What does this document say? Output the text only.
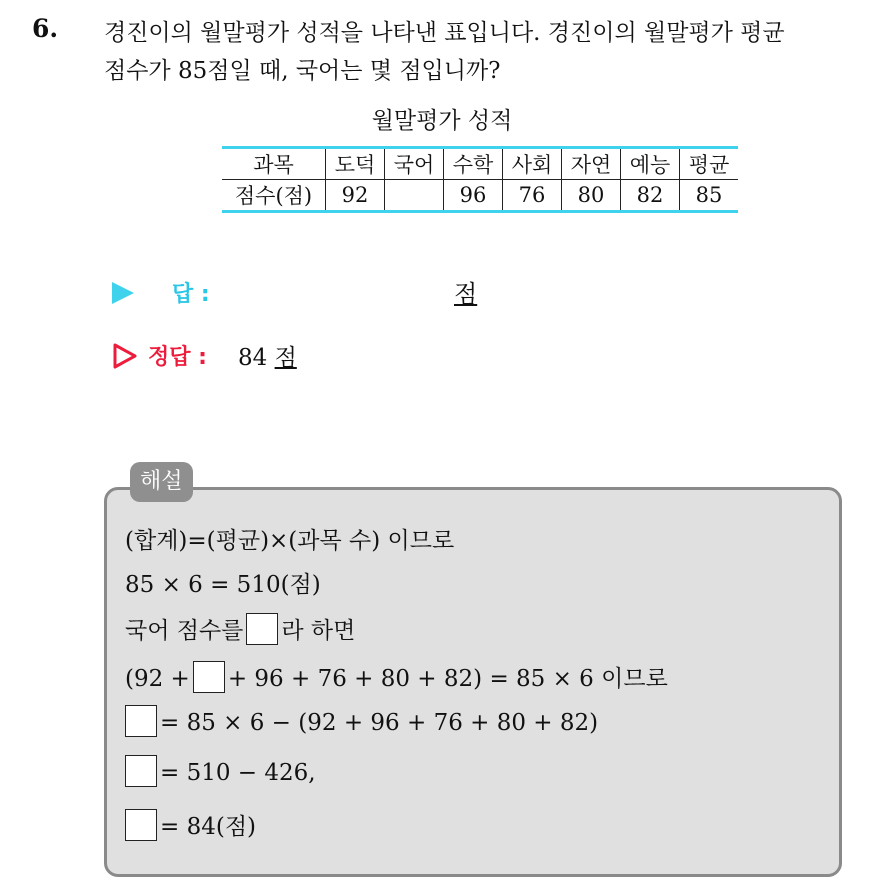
6. 경진이의 월말평가 성적을 나타낸 표입니다. 경진이의 월말평가 평균
점수가 85점일 때, 국어는 몇 점입니까?
월말평가 성적
과목	도덕	국어	수학	사회	자연	예능	평균
점수(점)	92		96	76	80	82	85
답 :	점
정답 : 84 점
해설
(합계)=(평균)×(과목 수) 이므로
85 × 6 = 510(점)
국어 점수를 라 하면
(92 + + 96 + 76 + 80 + 82) = 85 × 6 이므로
= 85 × 6 − (92 + 96 + 76 + 80 + 82)
= 510 − 426,
= 84(점)
